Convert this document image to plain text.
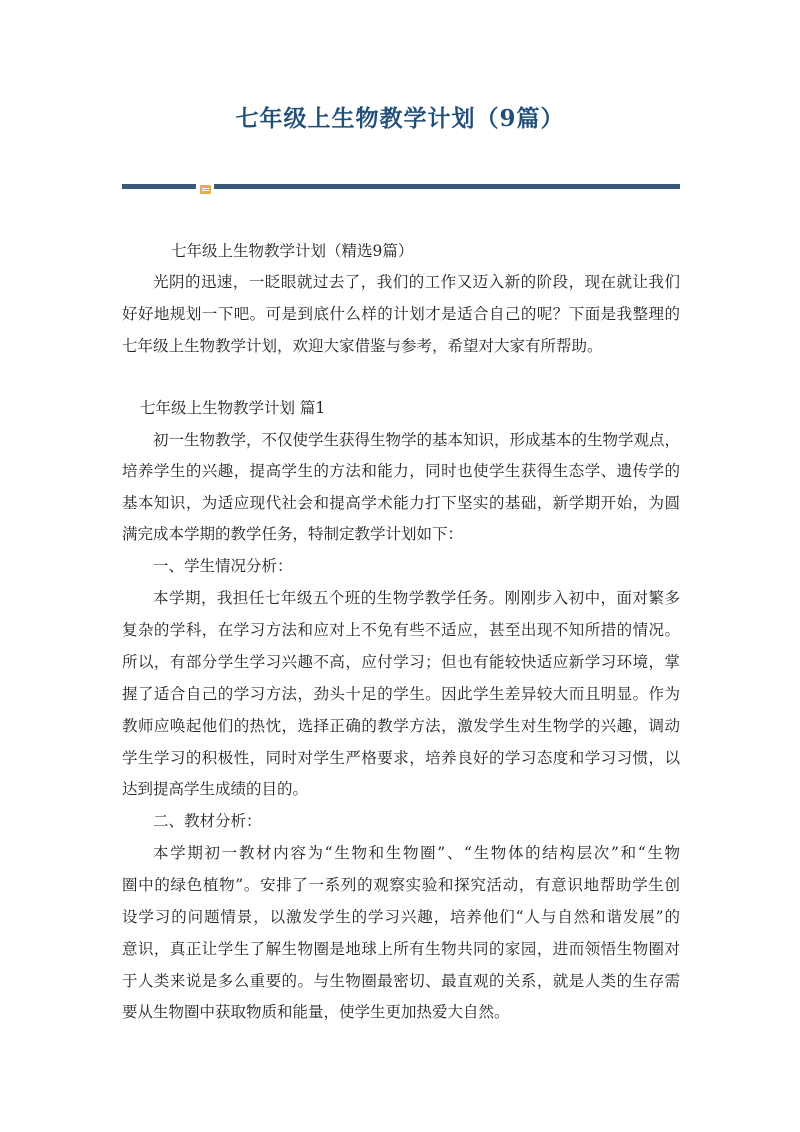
七年级上生物教学计划（9篇）
七年级上生物教学计划（精选9篇）
光阴的迅速，一眨眼就过去了，我们的工作又迈入新的阶段，现在就让我们
好好地规划一下吧。可是到底什么样的计划才是适合自己的呢？下面是我整理的
七年级上生物教学计划，欢迎大家借鉴与参考，希望对大家有所帮助。
七年级上生物教学计划 篇1
初一生物教学，不仅使学生获得生物学的基本知识，形成基本的生物学观点，
培养学生的兴趣，提高学生的方法和能力，同时也使学生获得生态学、遗传学的
基本知识，为适应现代社会和提高学术能力打下坚实的基础，新学期开始，为圆
满完成本学期的教学任务，特制定教学计划如下：
一、学生情况分析：
本学期，我担任七年级五个班的生物学教学任务。刚刚步入初中，面对繁多
复杂的学科，在学习方法和应对上不免有些不适应，甚至出现不知所措的情况。
所以，有部分学生学习兴趣不高，应付学习；但也有能较快适应新学习环境，掌
握了适合自己的学习方法，劲头十足的学生。因此学生差异较大而且明显。作为
教师应唤起他们的热忱，选择正确的教学方法，激发学生对生物学的兴趣，调动
学生学习的积极性，同时对学生严格要求，培养良好的学习态度和学习习惯，以
达到提高学生成绩的目的。
二、教材分析：
本学期初一教材内容为“生物和生物圈”、“生物体的结构层次”和“生物
圈中的绿色植物”。安排了一系列的观察实验和探究活动，有意识地帮助学生创
设学习的问题情景，以激发学生的学习兴趣，培养他们“人与自然和谐发展”的
意识，真正让学生了解生物圈是地球上所有生物共同的家园，进而领悟生物圈对
于人类来说是多么重要的。与生物圈最密切、最直观的关系，就是人类的生存需
要从生物圈中获取物质和能量，使学生更加热爱大自然。
